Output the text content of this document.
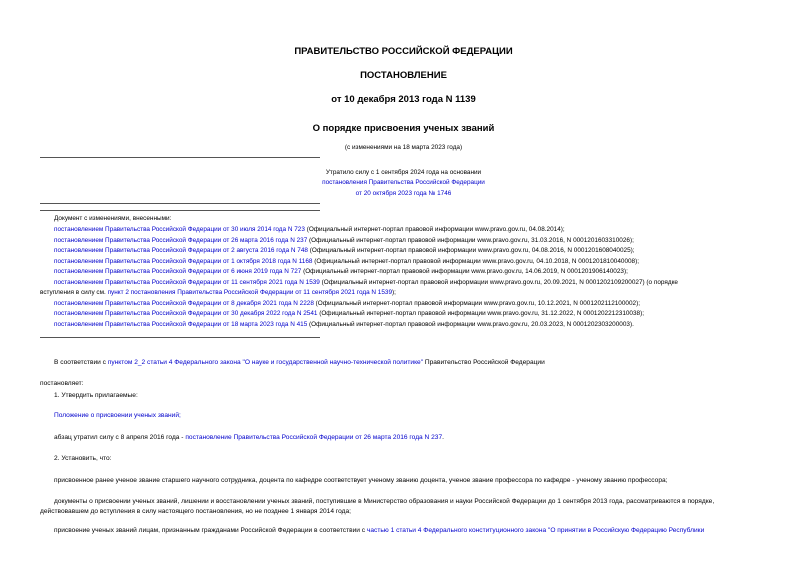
ПРАВИТЕЛЬСТВО РОССИЙСКОЙ ФЕДЕРАЦИИ
ПОСТАНОВЛЕНИЕ
от 10 декабря 2013 года N 1139
О порядке присвоения ученых званий
(с изменениями на 18 марта 2023 года)
Утратило силу с 1 сентября 2024 года на основании
постановления Правительства Российской Федерации
от 20 октября 2023 года № 1746
Документ с изменениями, внесенными:
постановлением Правительства Российской Федерации от 30 июля 2014 года N 723 (Официальный интернет-портал правовой информации www.pravo.gov.ru, 04.08.2014);
постановлением Правительства Российской Федерации от 26 марта 2016 года N 237 (Официальный интернет-портал правовой информации www.pravo.gov.ru, 31.03.2016, N 0001201603310026);
постановлением Правительства Российской Федерации от 2 августа 2016 года N 748 (Официальный интернет-портал правовой информации www.pravo.gov.ru, 04.08.2016, N 0001201608040025);
постановлением Правительства Российской Федерации от 1 октября 2018 года N 1168 (Официальный интернет-портал правовой информации www.pravo.gov.ru, 04.10.2018, N 0001201810040008);
постановлением Правительства Российской Федерации от 6 июня 2019 года N 727 (Официальный интернет-портал правовой информации www.pravo.gov.ru, 14.06.2019, N 0001201906140023);
постановлением Правительства Российской Федерации от 11 сентября 2021 года N 1539 (Официальный интернет-портал правовой информации www.pravo.gov.ru, 20.09.2021, N 0001202109200027) (о порядке
вступления в силу см. пункт 2 постановления Правительства Российской Федерации от 11 сентября 2021 года N 1539);
постановлением Правительства Российской Федерации от 8 декабря 2021 года N 2228 (Официальный интернет-портал правовой информации www.pravo.gov.ru, 10.12.2021, N 0001202112100002);
постановлением Правительства Российской Федерации от 30 декабря 2022 года N 2541 (Официальный интернет-портал правовой информации www.pravo.gov.ru, 31.12.2022, N 0001202212310038);
постановлением Правительства Российской Федерации от 18 марта 2023 года N 415 (Официальный интернет-портал правовой информации www.pravo.gov.ru, 20.03.2023, N 0001202303200003).
В соответствии с пунктом 2_2 статьи 4 Федерального закона "О науке и государственной научно-технической политике" Правительство Российской Федерации
постановляет:
1. Утвердить прилагаемые:
Положение о присвоении ученых званий;
абзац утратил силу с 8 апреля 2016 года - постановление Правительства Российской Федерации от 26 марта 2016 года N 237.
2. Установить, что:
присвоенное ранее ученое звание старшего научного сотрудника, доцента по кафедре соответствует ученому званию доцента, ученое звание профессора по кафедре - ученому званию профессора;
документы о присвоении ученых званий, лишении и восстановлении ученых званий, поступившие в Министерство образования и науки Российской Федерации до 1 сентября 2013 года, рассматриваются в порядке,
действовавшем до вступления в силу настоящего постановления, но не позднее 1 января 2014 года;
присвоение ученых званий лицам, признанным гражданами Российской Федерации в соответствии с частью 1 статьи 4 Федерального конституционного закона "О принятии в Российскую Федерацию Республики
